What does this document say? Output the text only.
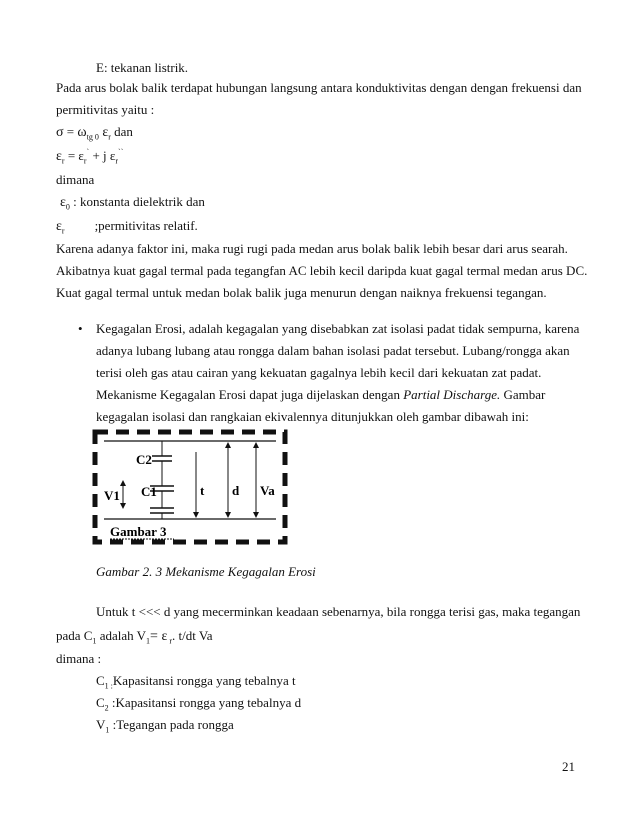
E: tekanan listrik.
Pada arus bolak balik terdapat hubungan langsung antara konduktivitas dengan dengan frekuensi dan
permitivitas yaitu :
$\sigma = \omega_{tg 0}$ $\varepsilon_r$ dan
$\varepsilon_r = \varepsilon_r^` + j$ $\varepsilon_r^{``}$
dimana
$\varepsilon_0$ : konstanta dielektrik dan
$\varepsilon_r$ ;permitivitas relatif.
Karena adanya faktor ini, maka rugi rugi pada medan arus bolak balik lebih besar dari arus searah.
Akibatnya kuat gagal termal pada tegangfan AC lebih kecil daripda kuat gagal termal medan arus DC.
Kuat gagal termal untuk medan bolak balik juga menurun dengan naiknya frekuensi tegangan.
• Kegagalan Erosi, adalah kegagalan yang disebabkan zat isolasi padat tidak sempurna, karena
adanya lubang lubang atau rongga dalam bahan isolasi padat tersebut. Lubang/rongga akan
terisi oleh gas atau cairan yang kekuatan gagalnya lebih kecil dari kekuatan zat padat.
Mekanisme Kegagalan Erosi dapat juga dijelaskan dengan Partial Discharge. Gambar
kegagalan isolasi dan rangkaian ekivalennya ditunjukkan oleh gambar dibawah ini:
C2
V1 C1	t d Va
Gambar 3
Gambar 2. 3 Mekanisme Kegagalan Erosi
Untuk t <<< d yang mecerminkan keadaan sebenarnya, bila rongga terisi gas, maka tegangan
pada $C_1$ adalah $V_1= \varepsilon$ $_r$. t/dt Va
dimana :
$C_{1 :}Kapasitansi$ rongga yang tebalnya t
$C_2$ :Kapasitansi rongga yang tebalnya d
$V_1$ :Tegangan pada rongga
21
